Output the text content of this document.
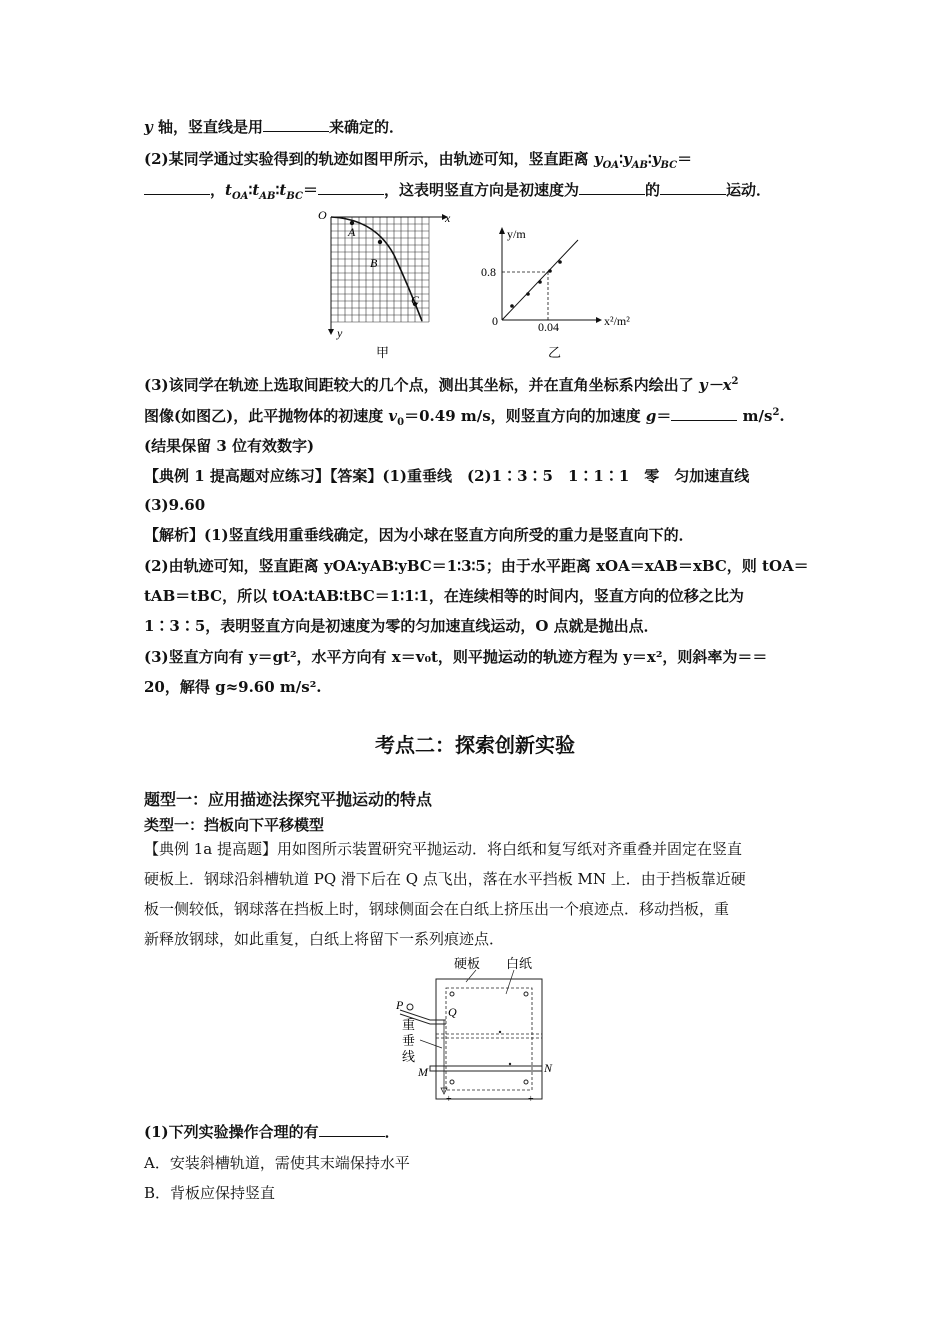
y 轴，竖直线是用	来确定的．
(2)某同学通过实验得到的轨迹如图甲所示，由轨迹可知，竖直距离 $y_{OA}∶y_{AB}∶y_{BC}=$
，$t_{OA}∶t_{AB}∶t_{BC}=$	，这表明竖直方向是初速度为	的	运动．
O	x
y
A
B
C
甲
y/m
x²/m²
0.8
0.04
0
乙
(3)该同学在轨迹上选取间距较大的几个点，测出其坐标，并在直角坐标系内绘出了 $y-x^2$
图像(如图乙)，此平抛物体的初速度 $v_0=0.49$ m/s，则竖直方向的加速度 g＝	$m/s^2$.
(结果保留 3 位有效数字)
【典例 1 提高题对应练习】【答案】(1)重垂线　(2)1∶3∶5　1∶1∶1　零　匀加速直线
(3)9.60
【解析】(1)竖直线用重垂线确定，因为小球在竖直方向所受的重力是竖直向下的．
(2)由轨迹可知，竖直距离 yOA∶yAB∶yBC＝1∶3∶5；由于水平距离 xOA＝xAB＝xBC，则 tOA＝
tAB＝tBC，所以 tOA∶tAB∶tBC＝1∶1∶1，在连续相等的时间内，竖直方向的位移之比为
1∶3∶5，表明竖直方向是初速度为零的匀加速直线运动，O 点就是抛出点．
(3)竖直方向有 y＝gt²，水平方向有 x＝v₀t，则平抛运动的轨迹方程为 y＝x²，则斜率为＝＝
20，解得 g≈9.60 m/s².
考点二：探索创新实验
题型一：应用描迹法探究平抛运动的特点
类型一：挡板向下平移模型
【典例 1a 提高题】用如图所示装置研究平抛运动．将白纸和复写纸对齐重叠并固定在竖直
硬板上．钢球沿斜槽轨道 PQ 滑下后在 Q 点飞出，落在水平挡板 MN 上．由于挡板靠近硬
板一侧较低，钢球落在挡板上时，钢球侧面会在白纸上挤压出一个痕迹点．移动挡板，重
新释放钢球，如此重复，白纸上将留下一系列痕迹点．
+	+
硬板 白纸
P	Q
重
垂
线
M	N
(1)下列实验操作合理的有	．
A．安装斜槽轨道，需使其末端保持水平
B．背板应保持竖直
